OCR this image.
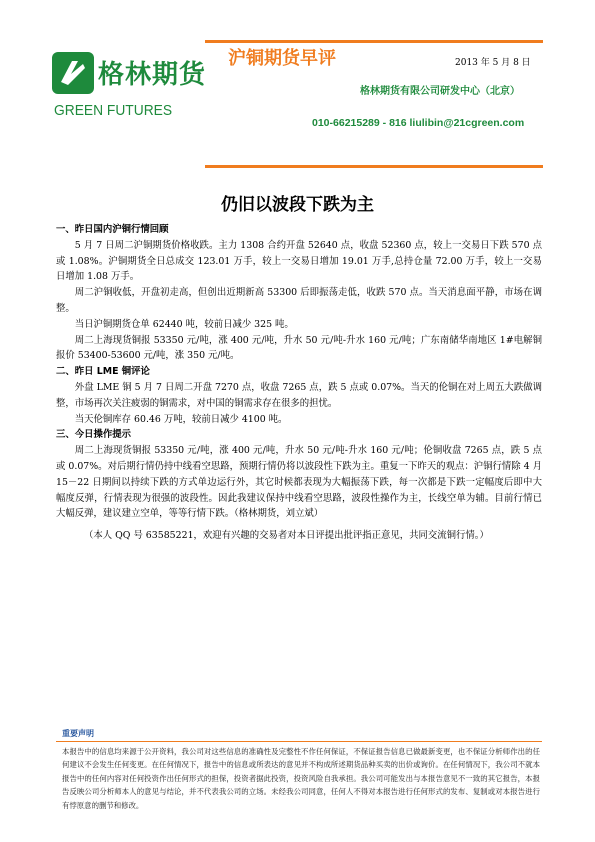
格林期货
GREEN FUTURES
沪铜期货早评	2013 年 5 月 8 日
格林期货有限公司研发中心（北京）
010-66215289 - 816 liulibin@21cgreen.com
仍旧以波段下跌为主

一、昨日国内沪铜行情回顾

5 月 7 日周二沪铜期货价格收跌。主力 1308 合约开盘 52640 点，收盘 52360 点，较上一交易日下跌 570 点或 1.08%。沪铜期货全日总成交 123.01 万手，较上一交易日增加 19.01 万手,总持仓量 72.00 万手，较上一交易日增加 1.08 万手。

周二沪铜收低，开盘初走高，但创出近期新高 53300 后即振荡走低，收跌 570 点。当天消息面平静，市场在调整。

当日沪铜期货仓单 62440 吨，较前日减少 325 吨。

周二上海现货铜报 53350 元/吨，涨 400 元/吨，升水 50 元/吨-升水 160 元/吨；广东南储华南地区 1#电解铜报价 53400-53600 元/吨，涨 350 元/吨。

二、昨日 LME 铜评论

外盘 LME 铜 5 月 7 日周二开盘 7270 点，收盘 7265 点，跌 5 点或 0.07%。当天的伦铜在对上周五大跌做调整，市场再次关注疲弱的铜需求，对中国的铜需求存在很多的担忧。

当天伦铜库存 60.46 万吨，较前日减少 4100 吨。

三、今日操作提示

周二上海现货铜报 53350 元/吨，涨 400 元/吨，升水 50 元/吨-升水 160 元/吨；伦铜收盘 7265 点，跌 5 点或 0.07%。对后期行情仍持中线看空思路，预期行情仍将以波段性下跌为主。重复一下昨天的观点：沪铜行情除 4 月 15－22 日期间以持续下跌的方式单边运行外，其它时候都表现为大幅振荡下跌，每一次都是下跌一定幅度后即中大幅度反弹，行情表现为很强的波段性。因此我建议保持中线看空思路，波段性操作为主，长线空单为辅。目前行情已大幅反弹，建议建立空单，等等行情下跌。（格林期货，刘立斌）

（本人 QQ 号 63585221，欢迎有兴趣的交易者对本日评提出批评指正意见，共同交流铜行情。）

重要声明
本报告中的信息均来源于公开资料，我公司对这些信息的准确性及完整性不作任何保证，不保证报告信息已做最新变更，也不保证分析师作出的任何建议不会发生任何变更。在任何情况下，报告中的信息或所表达的意见并不构成所述期货品种买卖的出价或询价。在任何情况下，我公司不就本报告中的任何内容对任何投资作出任何形式的担保，投资者据此投资，投资风险自我承担。我公司可能发出与本报告意见不一致的其它报告，本报告反映公司分析师本人的意见与结论，并不代表我公司的立场。未经我公司同意，任何人不得对本报告进行任何形式的发布、复制或对本报告进行有悖原意的删节和修改。
